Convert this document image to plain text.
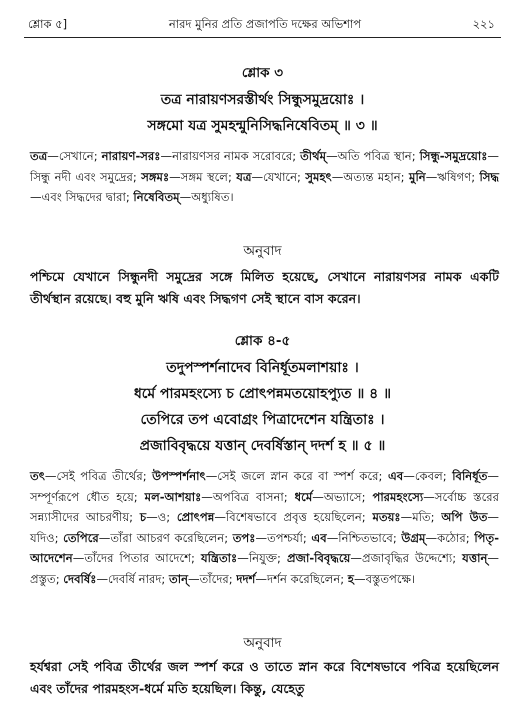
শ্লোক ৫]	নারদ মুনির প্রতি প্রজাপতি দক্ষের অভিশাপ	২২১
শ্লোক ৩
তত্র নারায়ণসরস্তীর্থং সিন্ধুসমুদ্রয়োঃ ।
সঙ্গমো যত্র সুমহন্মুনিসিদ্ধনিষেবিতম্ ॥ ৩ ॥
তত্র—সেখানে; নারায়ণ-সরঃ—নারায়ণসর নামক সরোবরে; তীর্থম্—অতি পবিত্র স্থান; সিন্ধু-সমুদ্রয়োঃ—সিন্ধু নদী এবং সমুদ্রের; সঙ্গমঃ—সঙ্গম স্থলে; যত্র—যেখানে; সুমহৎ—অত্যন্ত মহান; মুনি—ঋষিগণ; সিদ্ধ—এবং সিদ্ধদের দ্বারা; নিষেবিতম্—অধ্যুষিত।
অনুবাদ
পশ্চিমে যেখানে সিন্ধুনদী সমুদ্রের সঙ্গে মিলিত হয়েছে, সেখানে নারায়ণসর নামক একটি তীর্থস্থান রয়েছে। বহু মুনি ঋষি এবং সিদ্ধগণ সেই স্থানে বাস করেন।
শ্লোক ৪-৫
তদুপস্পর্শনাদেব বিনির্ধূতমলাশয়াঃ ।
ধর্মে পারমহংস্যে চ প্রোৎপন্নমতয়োহপ্যুত ॥ ৪ ॥
তেপিরে তপ এবোগ্রং পিত্রাদেশেন যন্ত্রিতাঃ ।
প্রজাবিবৃদ্ধয়ে যত্তান্ দেবর্ষিস্তান্ দদর্শ হ ॥ ৫ ॥
তৎ—সেই পবিত্র তীর্থের; উপস্পর্শনাৎ—সেই জলে স্নান করে বা স্পর্শ করে; এব—কেবল; বিনির্ধূত—সম্পূর্ণরূপে ধৌত হয়ে; মল-আশয়াঃ—অপবিত্র বাসনা; ধর্মে—অভ্যাসে; পারমহংস্যে—সর্বোচ্চ স্তরের সন্ন্যাসীদের আচরণীয়; চ—ও; প্রোৎপন্ন—বিশেষভাবে প্রবৃত্ত হয়েছিলেন; মতয়ঃ—মতি; অপি উত—যদিও; তেপিরে—তাঁরা আচরণ করেছিলেন; তপঃ—তপশ্চর্যা; এব—নিশ্চিতভাবে; উগ্রম্—কঠোর; পিতৃ-আদেশেন—তাঁদের পিতার আদেশে; যন্ত্রিতাঃ—নিযুক্ত; প্রজা-বিবৃদ্ধয়ে—প্রজাবৃদ্ধির উদ্দেশ্যে; যত্তান্—প্রস্তুত; দেবর্ষিঃ—দেবর্ষি নারদ; তান্—তাঁদের; দদর্শ—দর্শন করেছিলেন; হ—বস্তুতপক্ষে।
অনুবাদ
হর্যশ্বরা সেই পবিত্র তীর্থের জল স্পর্শ করে ও তাতে স্নান করে বিশেষভাবে পবিত্র হয়েছিলেন এবং তাঁদের পারমহংস-ধর্মে মতি হয়েছিল। কিন্তু, যেহেতু
